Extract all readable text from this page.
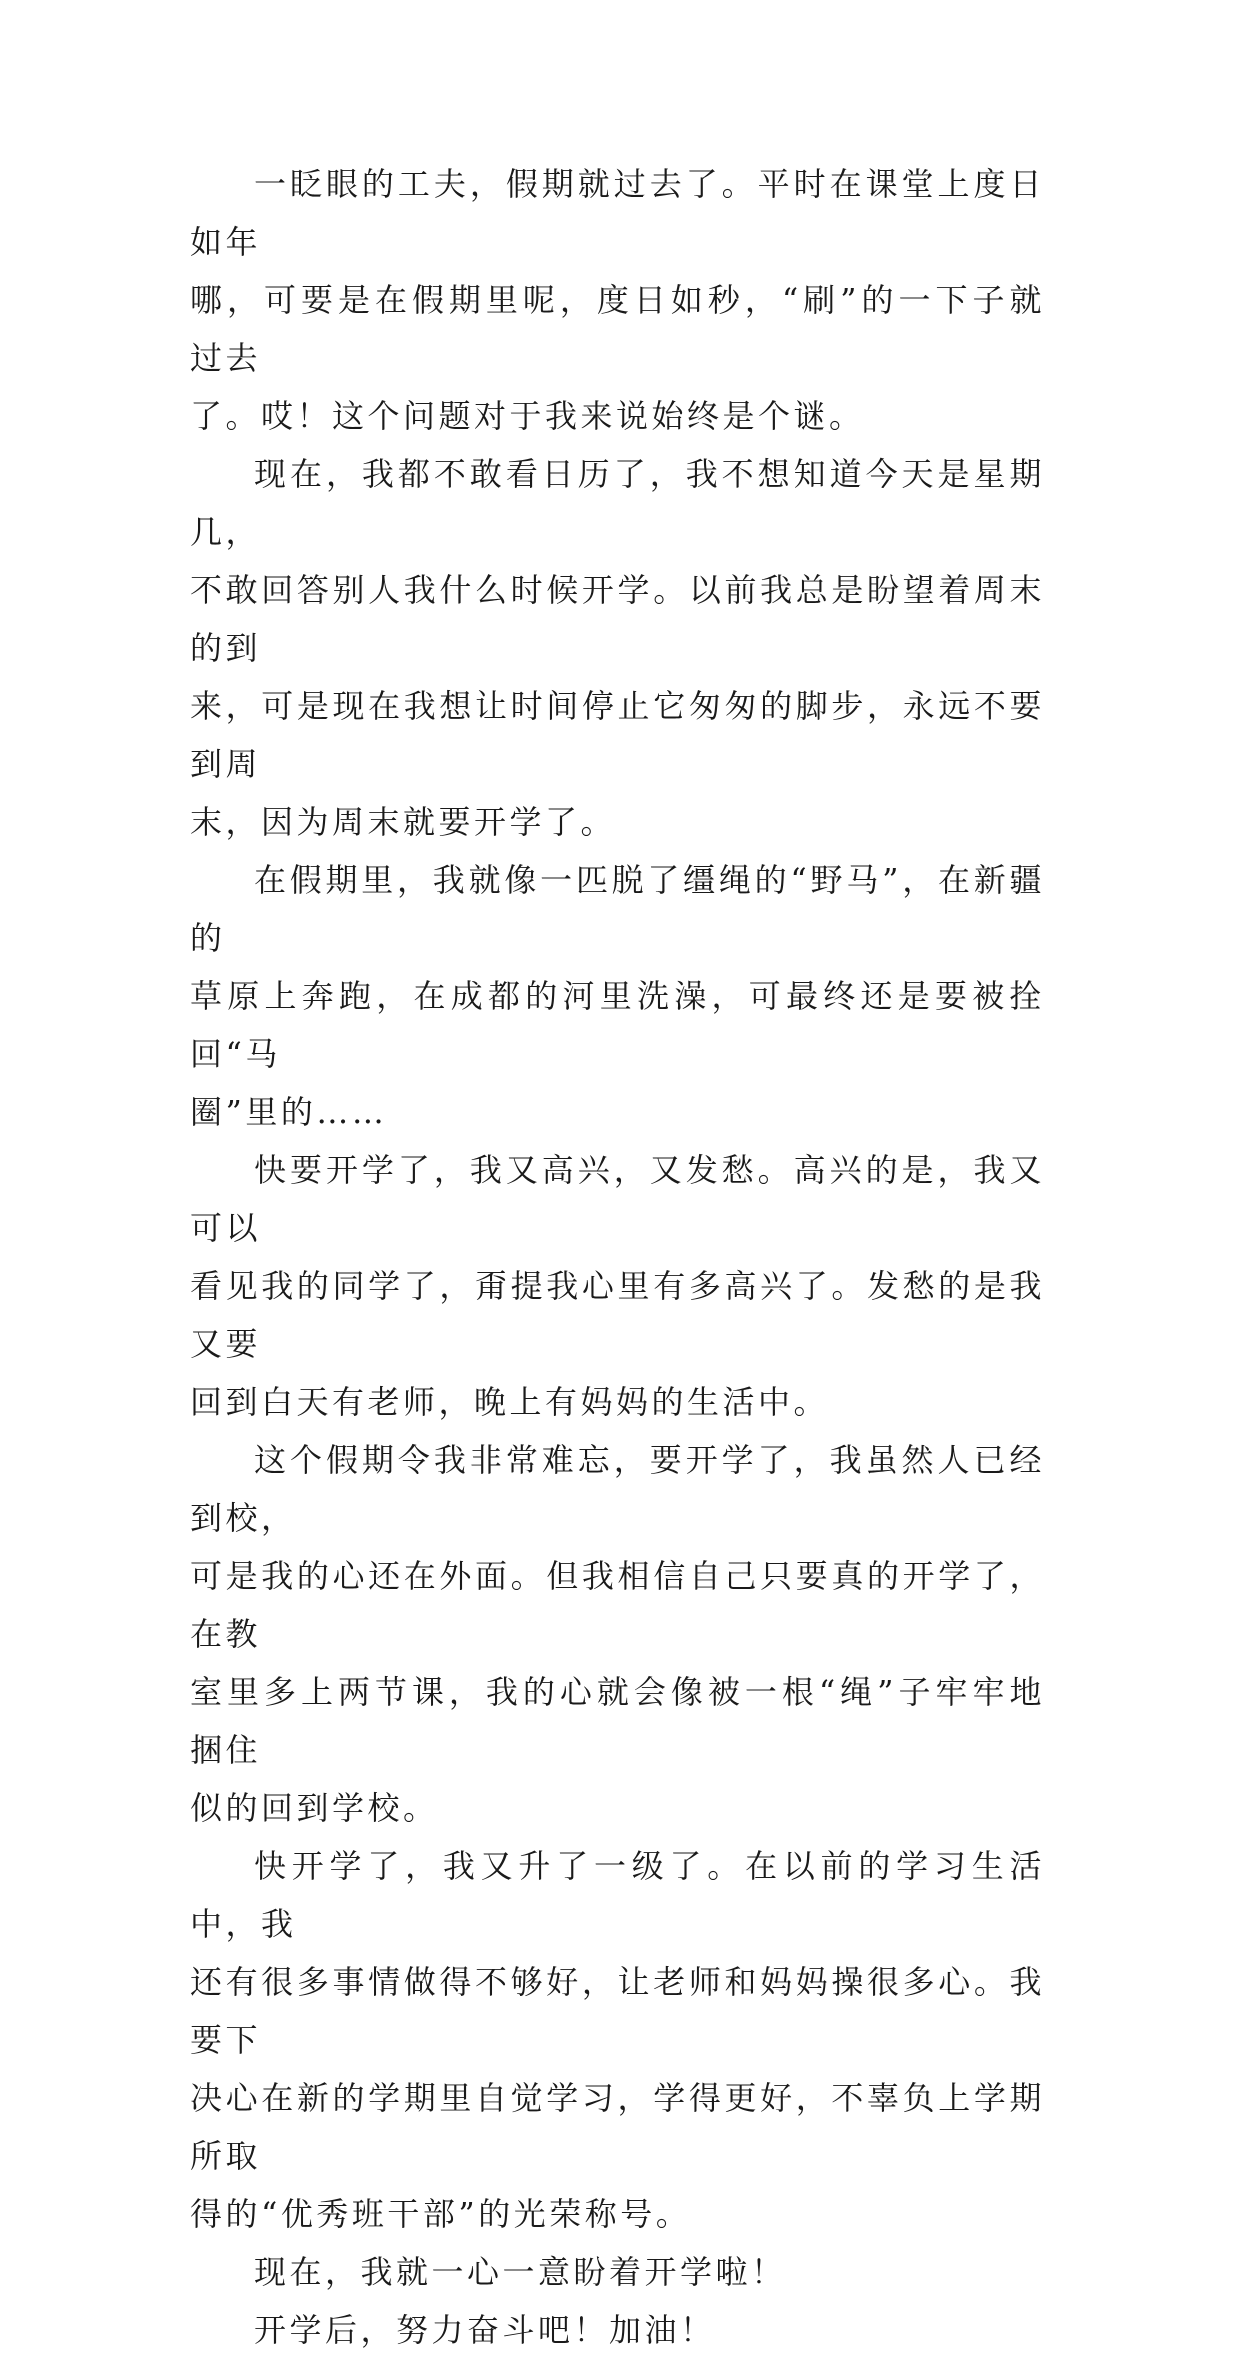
一眨眼的工夫，假期就过去了。平时在课堂上度日如年
哪，可要是在假期里呢，度日如秒，“刷”的一下子就过去
了。哎！这个问题对于我来说始终是个谜。

现在，我都不敢看日历了，我不想知道今天是星期几，
不敢回答别人我什么时候开学。以前我总是盼望着周末的到
来，可是现在我想让时间停止它匆匆的脚步，永远不要到周
末，因为周末就要开学了。

在假期里，我就像一匹脱了缰绳的“野马”，在新疆的
草原上奔跑，在成都的河里洗澡，可最终还是要被拴回“马
圈”里的……

快要开学了，我又高兴，又发愁。高兴的是，我又可以
看见我的同学了，甭提我心里有多高兴了。发愁的是我又要
回到白天有老师，晚上有妈妈的生活中。

这个假期令我非常难忘，要开学了，我虽然人已经到校，
可是我的心还在外面。但我相信自己只要真的开学了，在教
室里多上两节课，我的心就会像被一根“绳”子牢牢地捆住
似的回到学校。

快开学了，我又升了一级了。在以前的学习生活中，我
还有很多事情做得不够好，让老师和妈妈操很多心。我要下
决心在新的学期里自觉学习，学得更好，不辜负上学期所取
得的“优秀班干部”的光荣称号。

现在，我就一心一意盼着开学啦！

开学后，努力奋斗吧！加油！
